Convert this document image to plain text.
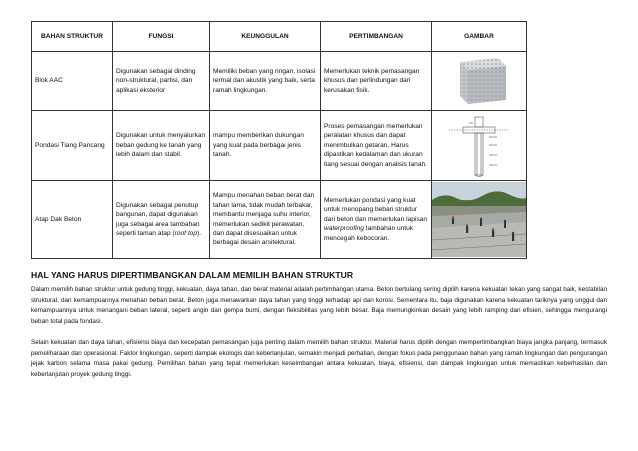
BAHAN STRUKTUR	FUNGSI	KEUNGGULAN	PERTIMBANGAN	GAMBAR
Blok AAC	Digunakan sebagai dinding non-struktural, partisi, dan aplikasi eksterior	Memiliki beban yang ringan, isolasi termal dan akustik yang baik, serta ramah lingkungan.	Memerlukan teknik pemasangan khusus dan perlindungan dari kerusakan fisik.	

Pondasi Tiang Pancang	Digunakan untuk menyalurkan beban gedung ke tanah yang lebih dalam dan stabil.	mampu memberikan dukungan yang kuat pada berbagai jenis tanah.	Proses pemasangan memerlukan peralatan khusus dan dapat menimbulkan getaran. Harus dipastikan kedalaman dan ukuran tiang sesuai dengan analisis tanah.	

Atap Dak Beton	Digunakan sebagai penutup bangunan, dapat digunakan juga sebagai area tambahan seperti taman atap (roof top).	Mampu menahan beban berat dan tahan lama, tidak mudah terbakar, membantu menjaga suhu interior, memerlukan sedikit perawatan, dan dapat disesuaikan untuk berbagai desain arsitektural.	Memerlukan pondasi yang kuat untuk menopang beban struktur dari beton dan memerlukan lapisan waterproofing tambahan untuk mencegah kebocoran.	
HAL YANG HARUS DIPERTIMBANGKAN DALAM MEMILIH BAHAN STRUKTUR

Dalam memilih bahan struktur untuk gedung tinggi, kekuatan, daya tahan, dan berat material adalah pertimbangan utama. Beton bertulang sering dipilih karena kekuatan tekan yang sangat baik, kestabilan struktural, dan kemampuannya menahan beban berat. Beton juga menawarkan daya tahan yang tinggi terhadap api dan korosi. Sementara itu, baja digunakan karena kekuatan tariknya yang unggul dan kemampuannya untuk menangani beban lateral, seperti angin dan gempa bumi, dengan fleksibilitas yang lebih besar. Baja memungkinkan desain yang lebih ramping dan efisien, sehingga mengurangi beban total pada fondasi.

Selain kekuatan dan daya tahan, efisiensi biaya dan kecepatan pemasangan juga penting dalam memilih bahan struktur. Material harus dipilih dengan mempertimbangkan biaya jangka panjang, termasuk pemeliharaan dan operasional. Faktor lingkungan, seperti dampak ekologis dan keberlanjutan, semakin menjadi perhatian, dengan fokus pada penggunaan bahan yang ramah lingkungan dan pengurangan jejak karbon selama masa pakai gedung. Pemilihan bahan yang tepat memerlukan keseimbangan antara kekuatan, biaya, efisiensi, dan dampak lingkungan untuk memastikan keberhasilan dan keberlanjutan proyek gedung tinggi.
